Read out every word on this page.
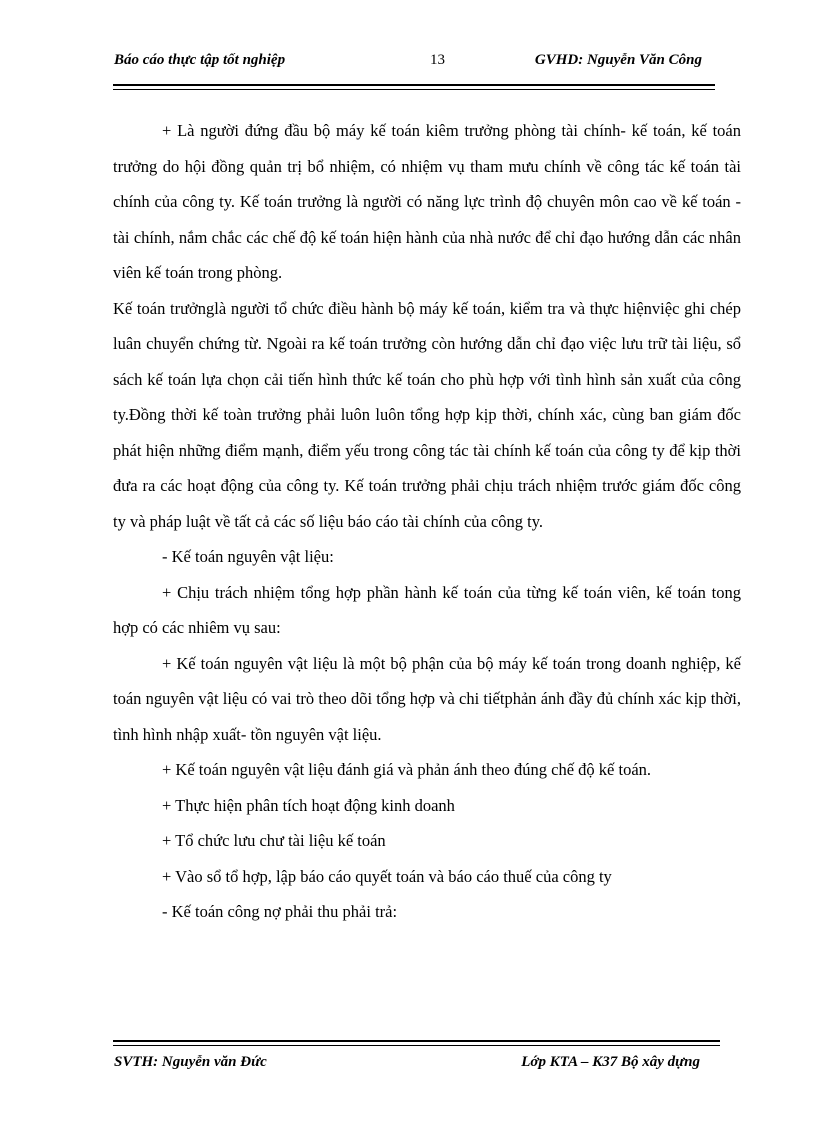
Báo cáo thực tập tốt nghiệp	13	GVHD: Nguyễn Văn Công

+ Là người đứng đầu bộ máy kế toán kiêm trưởng phòng tài chính- kế toán, kế toán trưởng do hội đồng quản trị bổ nhiệm, có nhiệm vụ tham mưu chính về công tác kế toán tài chính của công ty. Kế toán trưởng là người có năng lực trình độ chuyên môn cao về kế toán - tài chính, nắm chắc các chế độ kế toán hiện hành của nhà nước để chỉ đạo hướng dẫn các nhân viên kế toán trong phòng.

Kế toán trưởnglà người tổ chức điều hành bộ máy kế toán, kiểm tra và thực hiệnviệc ghi chép luân chuyển chứng từ. Ngoài ra kế toán trưởng còn hướng dẫn chỉ đạo việc lưu trữ tài liệu, sổ sách kế toán lựa chọn cải tiến hình thức kế toán cho phù hợp với tình hình sản xuất của công ty.Đồng thời kế toàn trưởng phải luôn luôn tổng hợp kịp thời, chính xác, cùng ban giám đốc phát hiện những điểm mạnh, điểm yếu trong công tác tài chính kế toán của công ty để kịp thời đưa ra các hoạt động của công ty. Kế toán trưởng phải chịu trách nhiệm trước giám đốc công ty và pháp luật về tất cả các số liệu báo cáo tài chính của công ty.

- Kế toán nguyên vật liệu:

+ Chịu trách nhiệm tổng hợp phần hành kế toán của từng kế toán viên, kế toán tong hợp có các nhiêm vụ sau:

+ Kế toán nguyên vật liệu là một bộ phận của bộ máy kế toán trong doanh nghiệp, kế toán nguyên vật liệu có vai trò theo dõi tổng hợp và chi tiếtphản ánh đầy đủ chính xác kịp thời, tình hình nhập xuất- tồn nguyên vật liệu.

+ Kế toán nguyên vật liệu đánh giá và phản ánh theo đúng chế độ kế toán.

+ Thực hiện phân tích hoạt động kinh doanh

+ Tổ chức lưu chư tài liệu kế toán

+ Vào sổ tổ hợp, lập báo cáo quyết toán và báo cáo thuế của công ty

- Kế toán công nợ phải thu phải trả:

SVTH: Nguyễn văn Đức	Lớp KTA – K37 Bộ xây dựng
